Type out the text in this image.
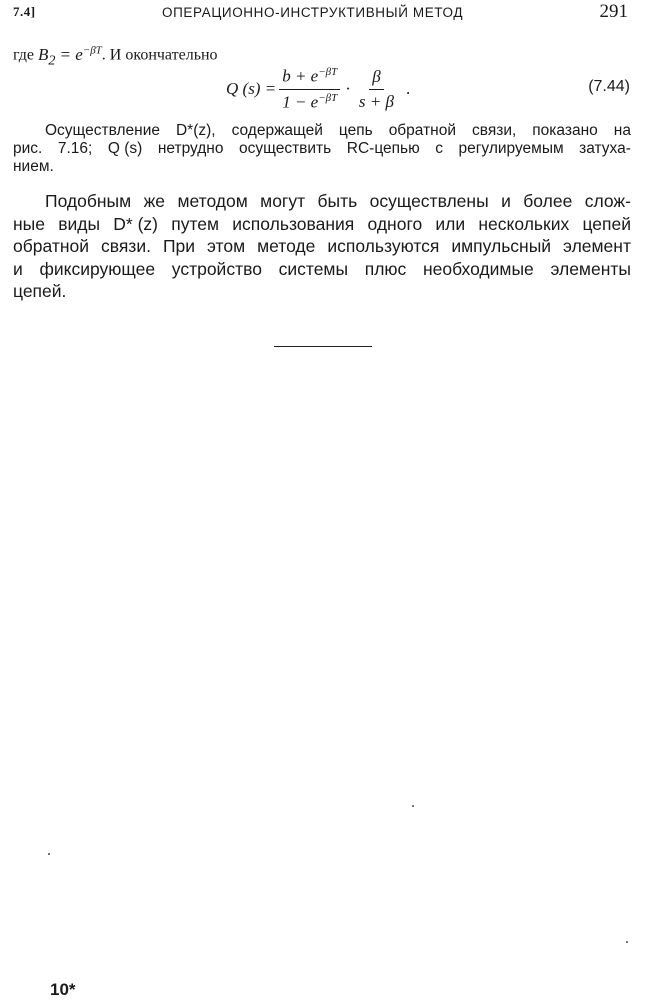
7.4]	ОПЕРАЦИОННО-ИНСТРУКТИВНЫЙ МЕТОД	291
где $B_2 = e^{-\beta T}$. И окончательно
Q $(s) = \frac{b + e^{-\beta T}}{1 - e^{-\beta T}} \cdot \frac{\beta}{s + \beta}$ .	(7.44)
Осуществление D*(z), содержащей цепь обратной связи, показано на
рис. 7.16; Q (s) нетрудно осуществить RC-цепью с регулируемым затуха-
нием.
Подобным же методом могут быть осуществлены и более слож-
ные виды D* (z) путем использования одного или нескольких цепей
обратной связи. При этом методе используются импульсный элемент
и фиксирующее устройство системы плюс необходимые элементы
цепей.
10*
